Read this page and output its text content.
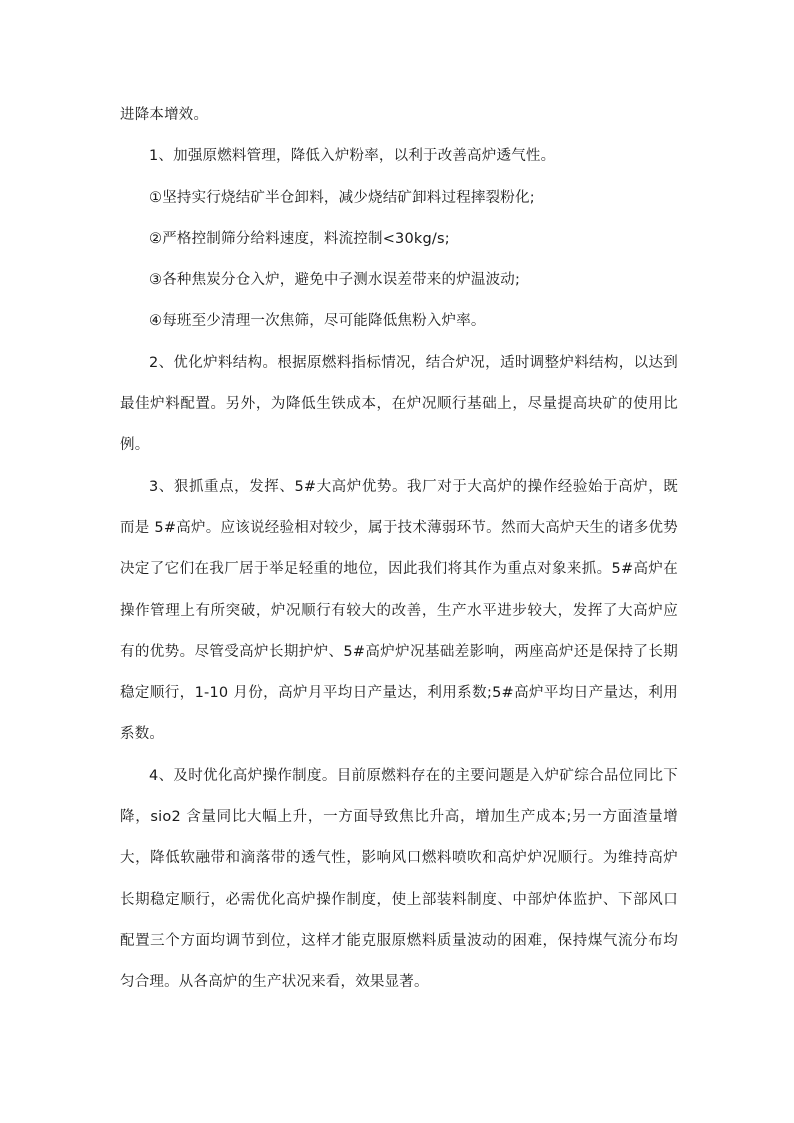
进降本增效。

1、加强原燃料管理，降低入炉粉率，以利于改善高炉透气性。

①坚持实行烧结矿半仓卸料，减少烧结矿卸料过程摔裂粉化;

②严格控制筛分给料速度，料流控制<30kg/s;

③各种焦炭分仓入炉，避免中子测水误差带来的炉温波动;

④每班至少清理一次焦筛，尽可能降低焦粉入炉率。

2、优化炉料结构。根据原燃料指标情况，结合炉况，适时调整炉料结构，以达到最佳炉料配置。另外，为降低生铁成本，在炉况顺行基础上，尽量提高块矿的使用比例。

3、狠抓重点，发挥、5#大高炉优势。我厂对于大高炉的操作经验始于高炉，既而是 5#高炉。应该说经验相对较少，属于技术薄弱环节。然而大高炉天生的诸多优势决定了它们在我厂居于举足轻重的地位，因此我们将其作为重点对象来抓。5#高炉在操作管理上有所突破，炉况顺行有较大的改善，生产水平进步较大，发挥了大高炉应有的优势。尽管受高炉长期护炉、5#高炉炉况基础差影响，两座高炉还是保持了长期稳定顺行，1-10 月份，高炉月平均日产量达，利用系数;5#高炉平均日产量达，利用系数。

4、及时优化高炉操作制度。目前原燃料存在的主要问题是入炉矿综合品位同比下降，sio2 含量同比大幅上升，一方面导致焦比升高，增加生产成本;另一方面渣量增大，降低软融带和滴落带的透气性，影响风口燃料喷吹和高炉炉况顺行。为维持高炉长期稳定顺行，必需优化高炉操作制度，使上部装料制度、中部炉体监护、下部风口配置三个方面均调节到位，这样才能克服原燃料质量波动的困难，保持煤气流分布均匀合理。从各高炉的生产状况来看，效果显著。
